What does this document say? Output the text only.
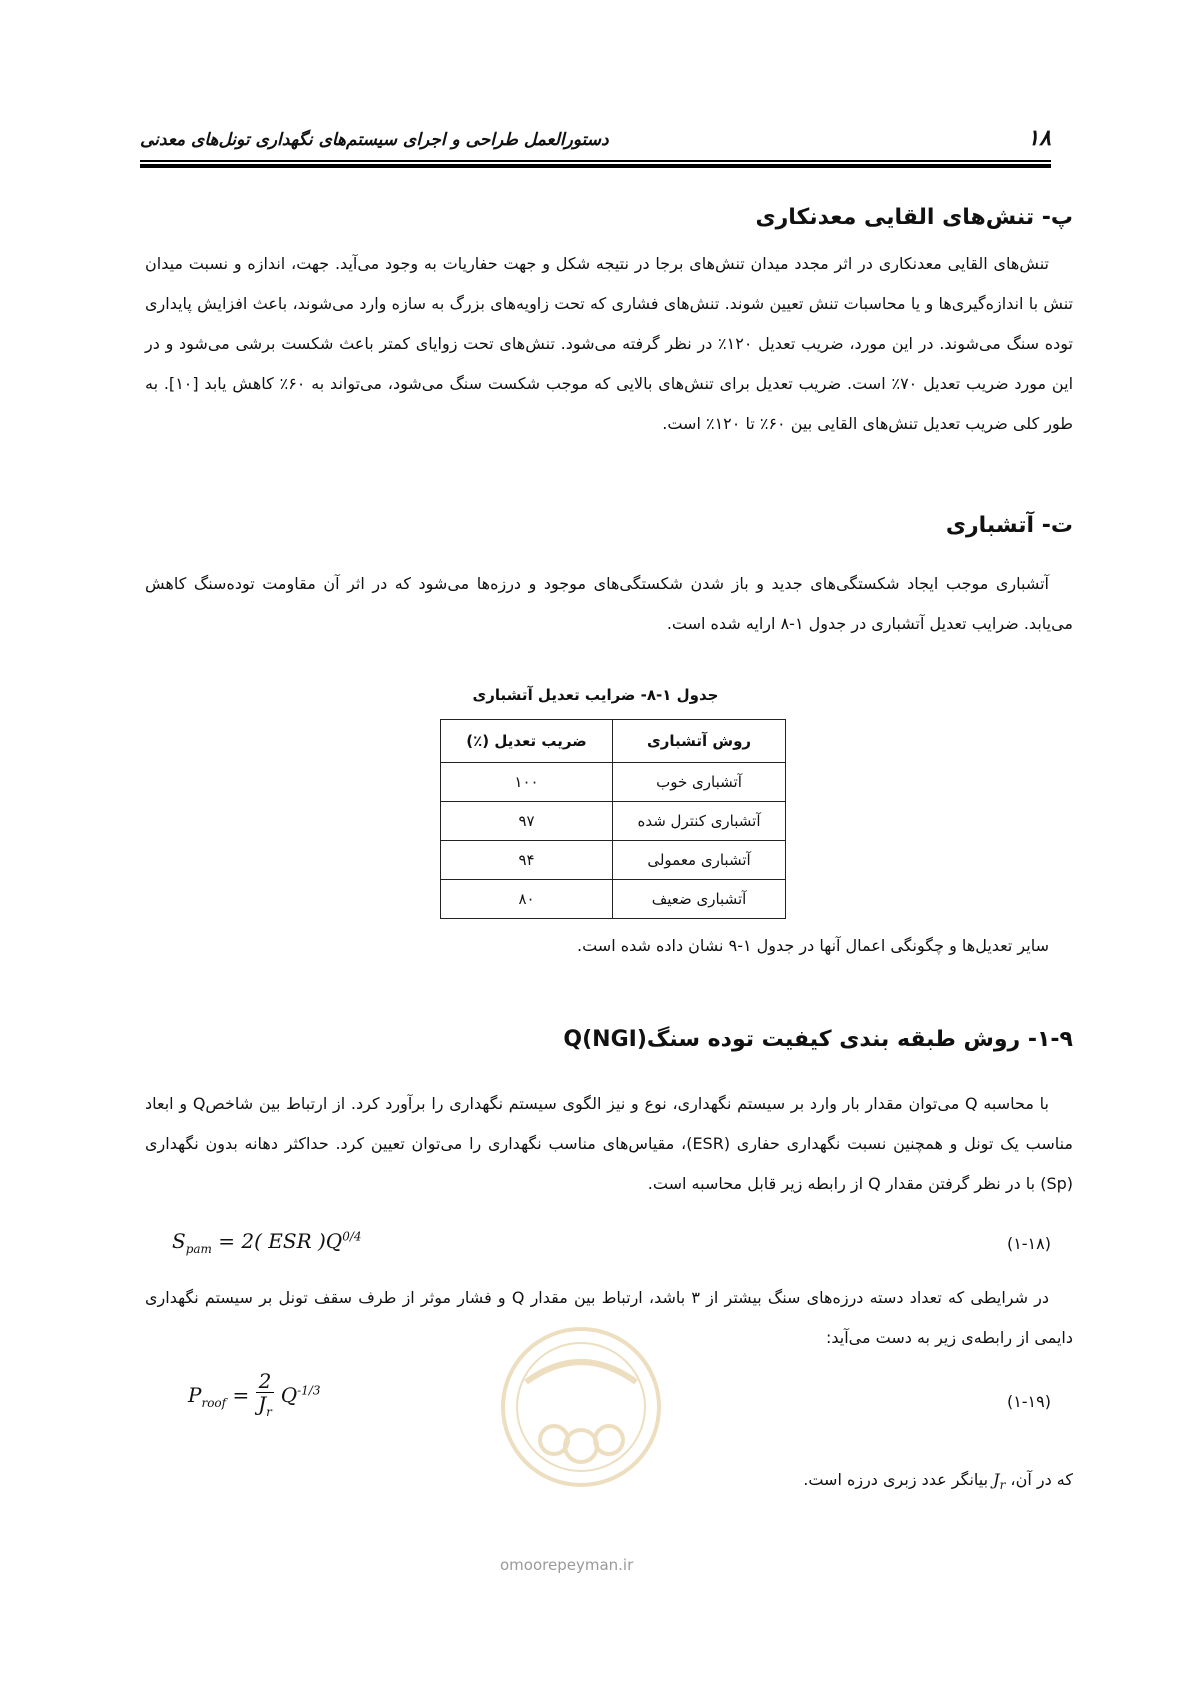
۱۸
دستورالعمل طراحی و اجرای سیستم‌های نگهداری تونل‌های معدنی
پ- تنش‌های القایی معدنکاری

تنش‌های القایی معدنکاری در اثر مجدد میدان تنش‌های برجا در نتیجه شکل و جهت حفاریات به وجود می‌آید. جهت، اندازه و نسبت میدان تنش با اندازه‌گیری‌ها و یا محاسبات تنش تعیین شوند. تنش‌های فشاری که تحت زاویه‌های بزرگ به سازه وارد می‌شوند، باعث افزایش پایداری توده سنگ می‌شوند. در این مورد، ضریب تعدیل ۱۲۰٪ در نظر گرفته می‌شود. تنش‌های تحت زوایای کمتر باعث شکست برشی می‌شود و در این مورد ضریب تعدیل ۷۰٪ است. ضریب تعدیل برای تنش‌های بالایی که موجب شکست سنگ می‌شود، می‌تواند به ۶۰٪ کاهش یابد [۱۰]. به طور کلی ضریب تعدیل تنش‌های القایی بین ۶۰٪ تا ۱۲۰٪ است.

ت- آتشباری

آتشباری موجب ایجاد شکستگی‌های جدید و باز شدن شکستگی‌های موجود و درزه‌ها می‌شود که در اثر آن مقاومت توده‌سنگ کاهش می‌یابد. ضرایب تعدیل آتشباری در جدول ۱-۸ ارایه شده است.

جدول ۱-۸- ضرایب تعدیل آتشباری
روش آتشباری	ضریب تعدیل (٪)
آتشباری خوب	۱۰۰
آتشباری کنترل شده	۹۷
آتشباری معمولی	۹۴
آتشباری ضعیف	۸۰

سایر تعدیل‌ها و چگونگی اعمال آنها در جدول ۱-۹ نشان داده شده است.

۱-۹- روش طبقه بندی کیفیت توده سنگQ(NGI)

با محاسبه Q می‌توان مقدار بار وارد بر سیستم نگهداری، نوع و نیز الگوی سیستم نگهداری را برآورد کرد. از ارتباط بین شاخصQ و ابعاد مناسب یک تونل و همچنین نسبت نگهداری حفاری (ESR)، مقیاس‌های مناسب نگهداری را می‌توان تعیین کرد. حداکثر دهانه بدون نگهداری (Sp) با در نظر گرفتن مقدار Q از رابطه زیر قابل محاسبه است.

$S_{pam} = 2$( ESR )$Q^{0/4}$	(۱-۱۸)

در شرایطی که تعداد دسته درزه‌های سنگ بیشتر از ۳ باشد، ارتباط بین مقدار Q و فشار موثر از طرف سقف تونل بر سیستم نگهداری دایمی از رابطه‌ی زیر به دست می‌آید:

$P_{roof} = \frac{2}{J_r} Q^{-1/3}$
(۱-۱۹)

که در آن، $J_r$ بیانگر عدد زبری درزه است.

omoorepeyman.ir
